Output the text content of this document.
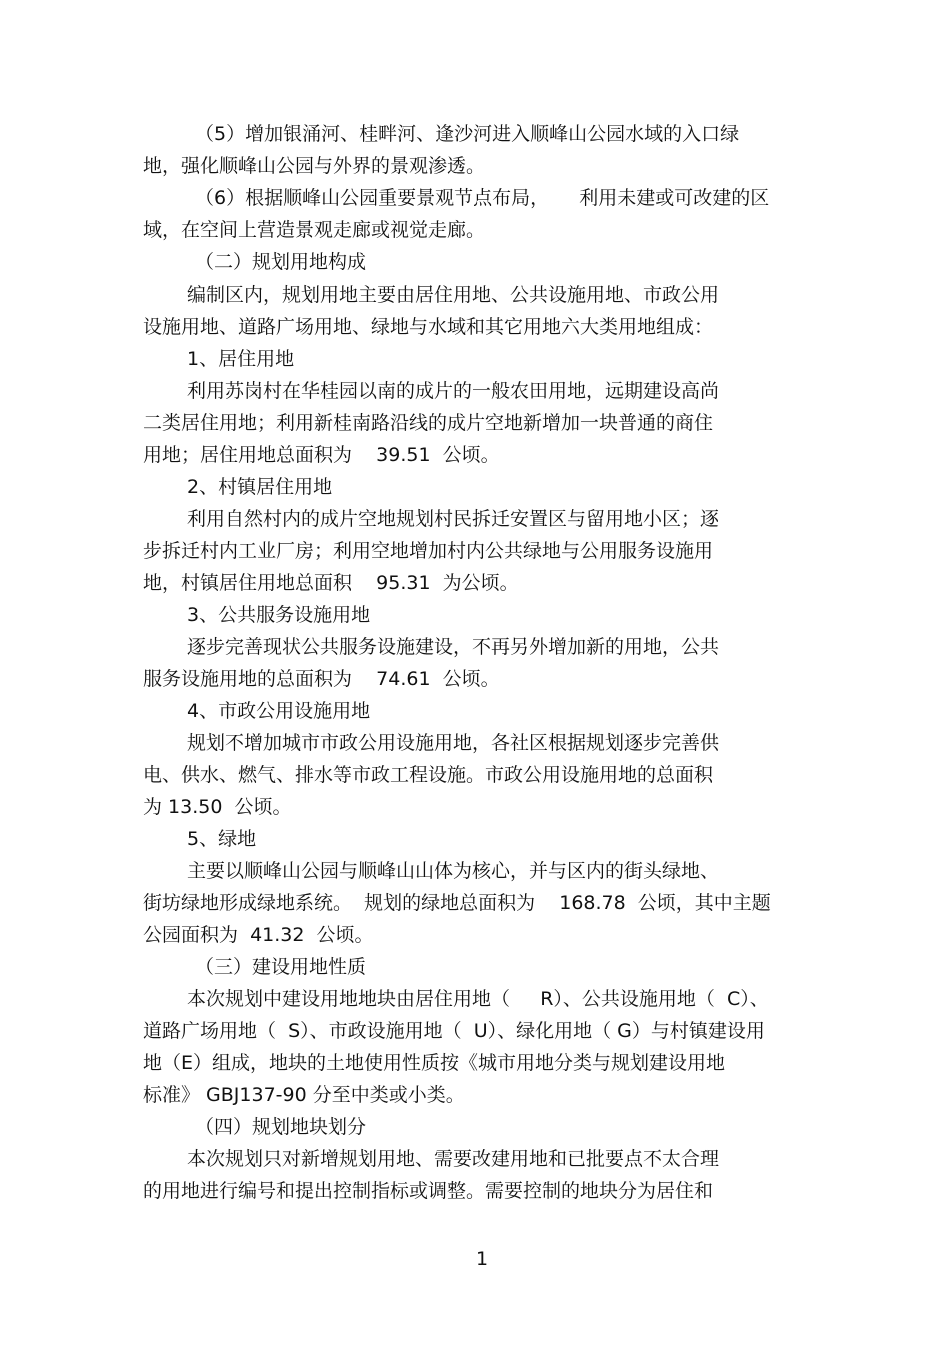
（5）增加银涌河、桂畔河、逢沙河进入顺峰山公园水域的入口绿
地，强化顺峰山公园与外界的景观渗透。
（6）根据顺峰山公园重要景观节点布局，     利用未建或可改建的区
域，在空间上营造景观走廊或视觉走廊。
（二）规划用地构成
编制区内，规划用地主要由居住用地、公共设施用地、市政公用
设施用地、道路广场用地、绿地与水域和其它用地六大类用地组成：
1、居住用地
利用苏岗村在华桂园以南的成片的一般农田用地，远期建设高尚
二类居住用地；利用新桂南路沿线的成片空地新增加一块普通的商住
用地；居住用地总面积为    39.51  公顷。
2、村镇居住用地
利用自然村内的成片空地规划村民拆迁安置区与留用地小区；逐
步拆迁村内工业厂房；利用空地增加村内公共绿地与公用服务设施用
地，村镇居住用地总面积    95.31  为公顷。
3、公共服务设施用地
逐步完善现状公共服务设施建设，不再另外增加新的用地，公共
服务设施用地的总面积为    74.61  公顷。
4、市政公用设施用地
规划不增加城市市政公用设施用地，各社区根据规划逐步完善供
电、供水、燃气、排水等市政工程设施。市政公用设施用地的总面积
为 13.50  公顷。
5、绿地
主要以顺峰山公园与顺峰山山体为核心，并与区内的街头绿地、
街坊绿地形成绿地系统。  规划的绿地总面积为    168.78  公顷，其中主题
公园面积为  41.32  公顷。
（三）建设用地性质
本次规划中建设用地地块由居住用地（     R）、公共设施用地（  C）、
道路广场用地（  S）、市政设施用地（  U）、绿化用地（ G）与村镇建设用
地（E）组成，地块的土地使用性质按《城市用地分类与规划建设用地
标准》 GBJ137-90 分至中类或小类。
（四）规划地块划分
本次规划只对新增规划用地、需要改建用地和已批要点不太合理
的用地进行编号和提出控制指标或调整。需要控制的地块分为居住和
1
